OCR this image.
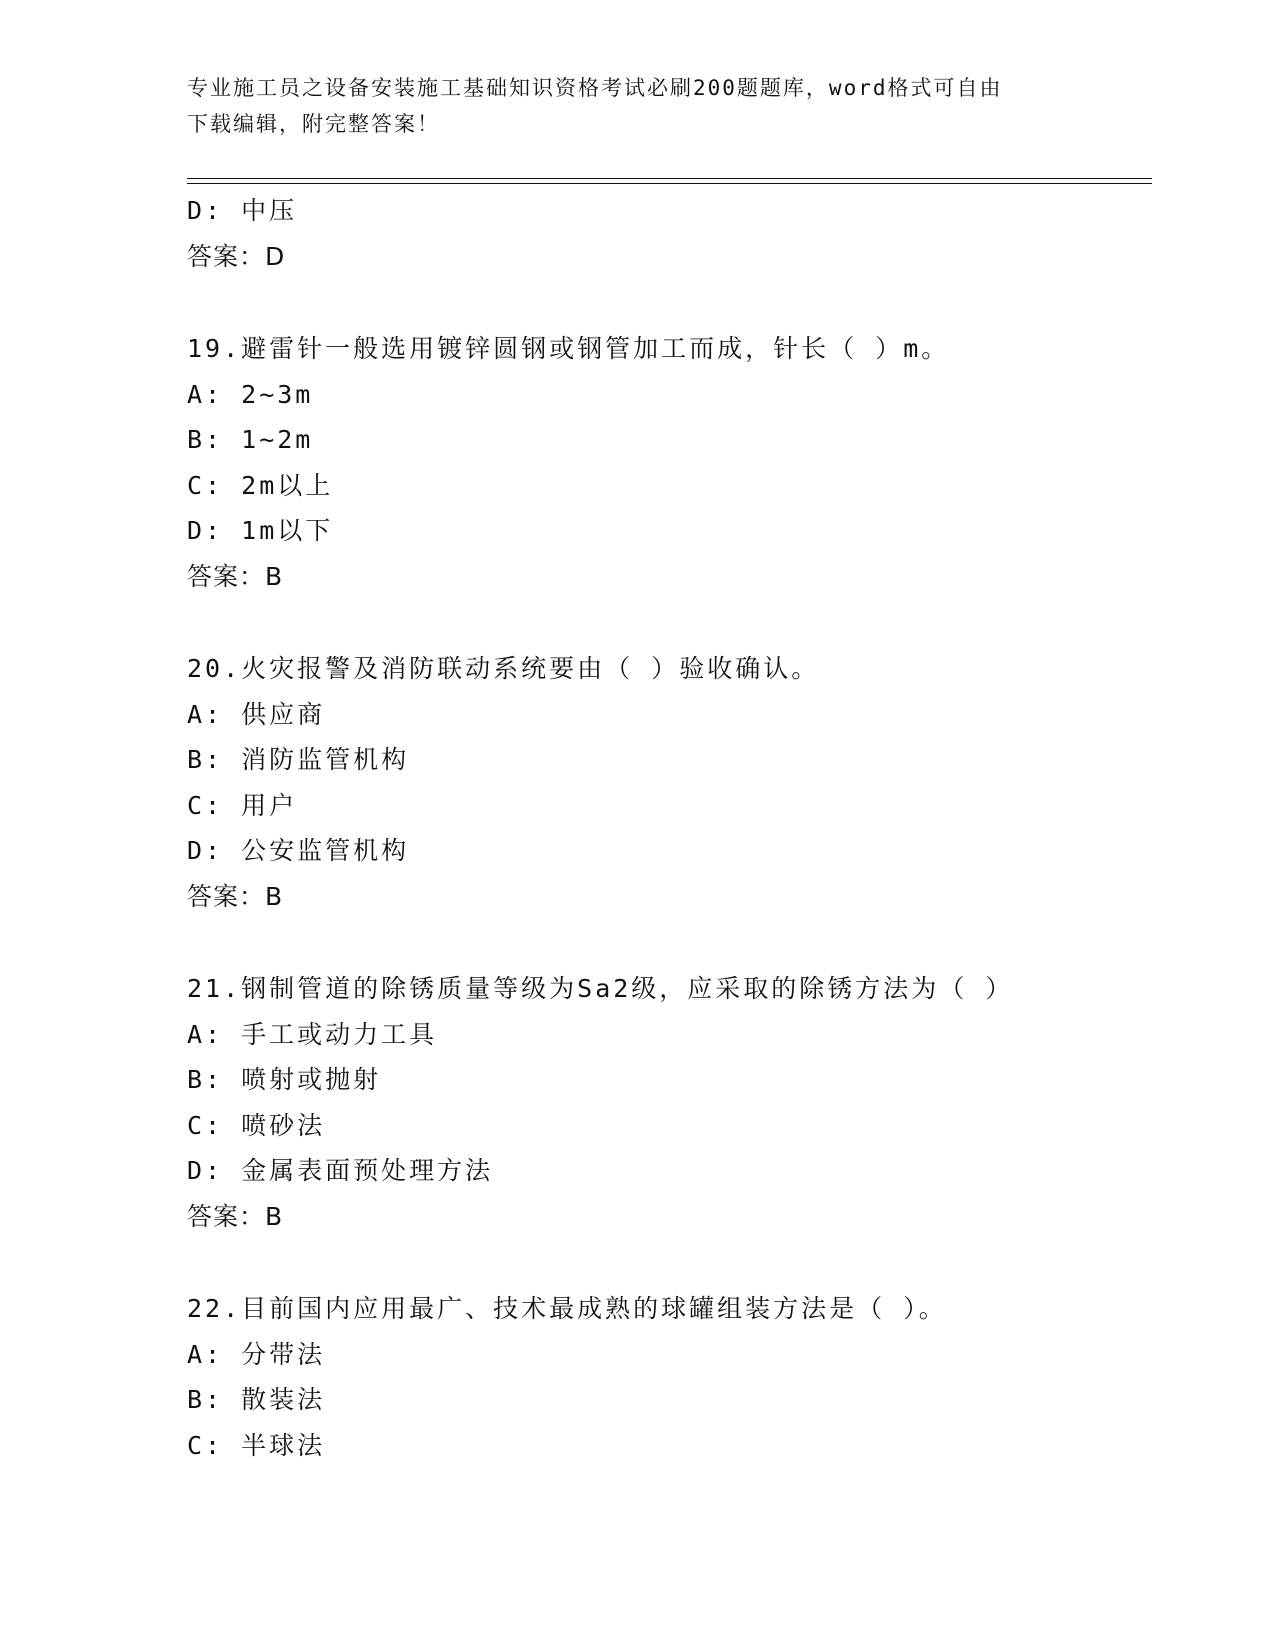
专业施工员之设备安装施工基础知识资格考试必刷200题题库，word格式可自由
下载编辑，附完整答案！
D: 中压
答案：D
19.避雷针一般选用镀锌圆钢或钢管加工而成，针长（ ）m。
A: 2~3m
B: 1~2m
C: 2m以上
D: 1m以下
答案：B
20.火灾报警及消防联动系统要由（ ）验收确认。
A: 供应商
B: 消防监管机构
C: 用户
D: 公安监管机构
答案：B
21.钢制管道的除锈质量等级为Sa2级，应采取的除锈方法为（ ）
A: 手工或动力工具
B: 喷射或抛射
C: 喷砂法
D: 金属表面预处理方法
答案：B
22.目前国内应用最广、技术最成熟的球罐组装方法是（ ）。
A: 分带法
B: 散装法
C: 半球法
